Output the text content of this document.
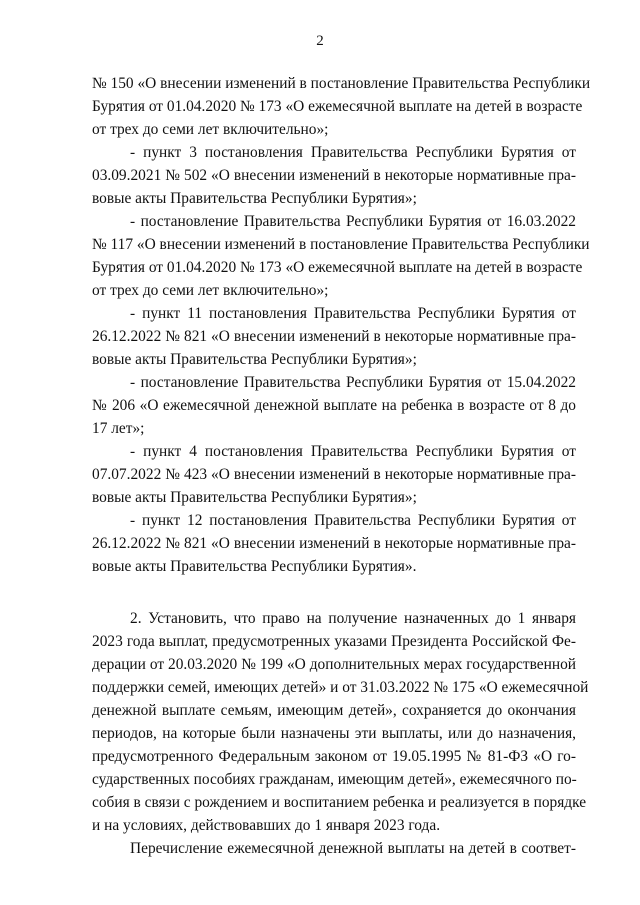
2
№ 150 «О внесении изменений в постановление Правительства Республики
Бурятия от 01.04.2020 № 173 «О ежемесячной выплате на детей в возрасте
от трех до семи лет включительно»;
- пункт 3 постановления Правительства Республики Бурятия от
03.09.2021 № 502 «О внесении изменений в некоторые нормативные пра-
вовые акты Правительства Республики Бурятия»;
- постановление Правительства Республики Бурятия от 16.03.2022
№ 117 «О внесении изменений в постановление Правительства Республики
Бурятия от 01.04.2020 № 173 «О ежемесячной выплате на детей в возрасте
от трех до семи лет включительно»;
- пункт 11 постановления Правительства Республики Бурятия от
26.12.2022 № 821 «О внесении изменений в некоторые нормативные пра-
вовые акты Правительства Республики Бурятия»;
- постановление Правительства Республики Бурятия от 15.04.2022
№ 206 «О ежемесячной денежной выплате на ребенка в возрасте от 8 до
17 лет»;
- пункт 4 постановления Правительства Республики Бурятия от
07.07.2022 № 423 «О внесении изменений в некоторые нормативные пра-
вовые акты Правительства Республики Бурятия»;
- пункт 12 постановления Правительства Республики Бурятия от
26.12.2022 № 821 «О внесении изменений в некоторые нормативные пра-
вовые акты Правительства Республики Бурятия».
2. Установить, что право на получение назначенных до 1 января
2023 года выплат, предусмотренных указами Президента Российской Фе-
дерации от 20.03.2020 № 199 «О дополнительных мерах государственной
поддержки семей, имеющих детей» и от 31.03.2022 № 175 «О ежемесячной
денежной выплате семьям, имеющим детей», сохраняется до окончания
периодов, на которые были назначены эти выплаты, или до назначения,
предусмотренного Федеральным законом от 19.05.1995 № 81-ФЗ «О го-
сударственных пособиях гражданам, имеющим детей», ежемесячного по-
собия в связи с рождением и воспитанием ребенка и реализуется в порядке
и на условиях, действовавших до 1 января 2023 года.
Перечисление ежемесячной денежной выплаты на детей в соответ-
